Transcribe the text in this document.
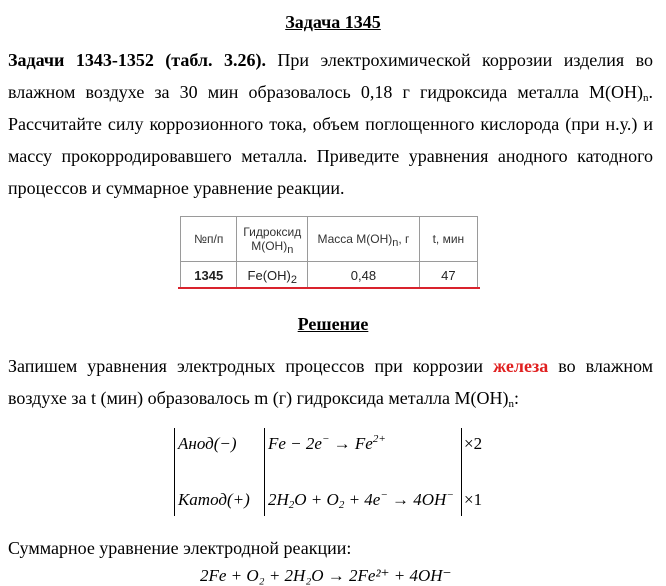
Задача 1345
Задачи 1343-1352 (табл. 3.26). При электрохимической коррозии изделия во влажном воздухе за 30 мин образовалось 0,18 г гидроксида металла $M(OH)_n$. Рассчитайте силу коррозионного тока, объем поглощенного кислорода (при н.у.) и массу прокорродировавшего металла. Приведите уравнения анодного катодного процессов и суммарное уравнение реакции.
№п/п	Гидроксид $M(OH)_n$	Масса $M(OH)_n$, г	t, мин
1345	$Fe(OH)_2$	0,48	47
Решение
Запишем уравнения электродных процессов при коррозии железа во влажном воздухе за t (мин) образовалось m (г) гидроксида металла $M(OH)_n$:
Анод(−) $Fe - 2e^- \to Fe^{2+}$	×2
Катод(+) $2H_2O + O_2 + 4e^- \to 4OH^- \times 1$
Суммарное уравнение электродной реакции:
2Fe + O₂ + 2H₂O → 2Fe²⁺ + 4OH⁻
